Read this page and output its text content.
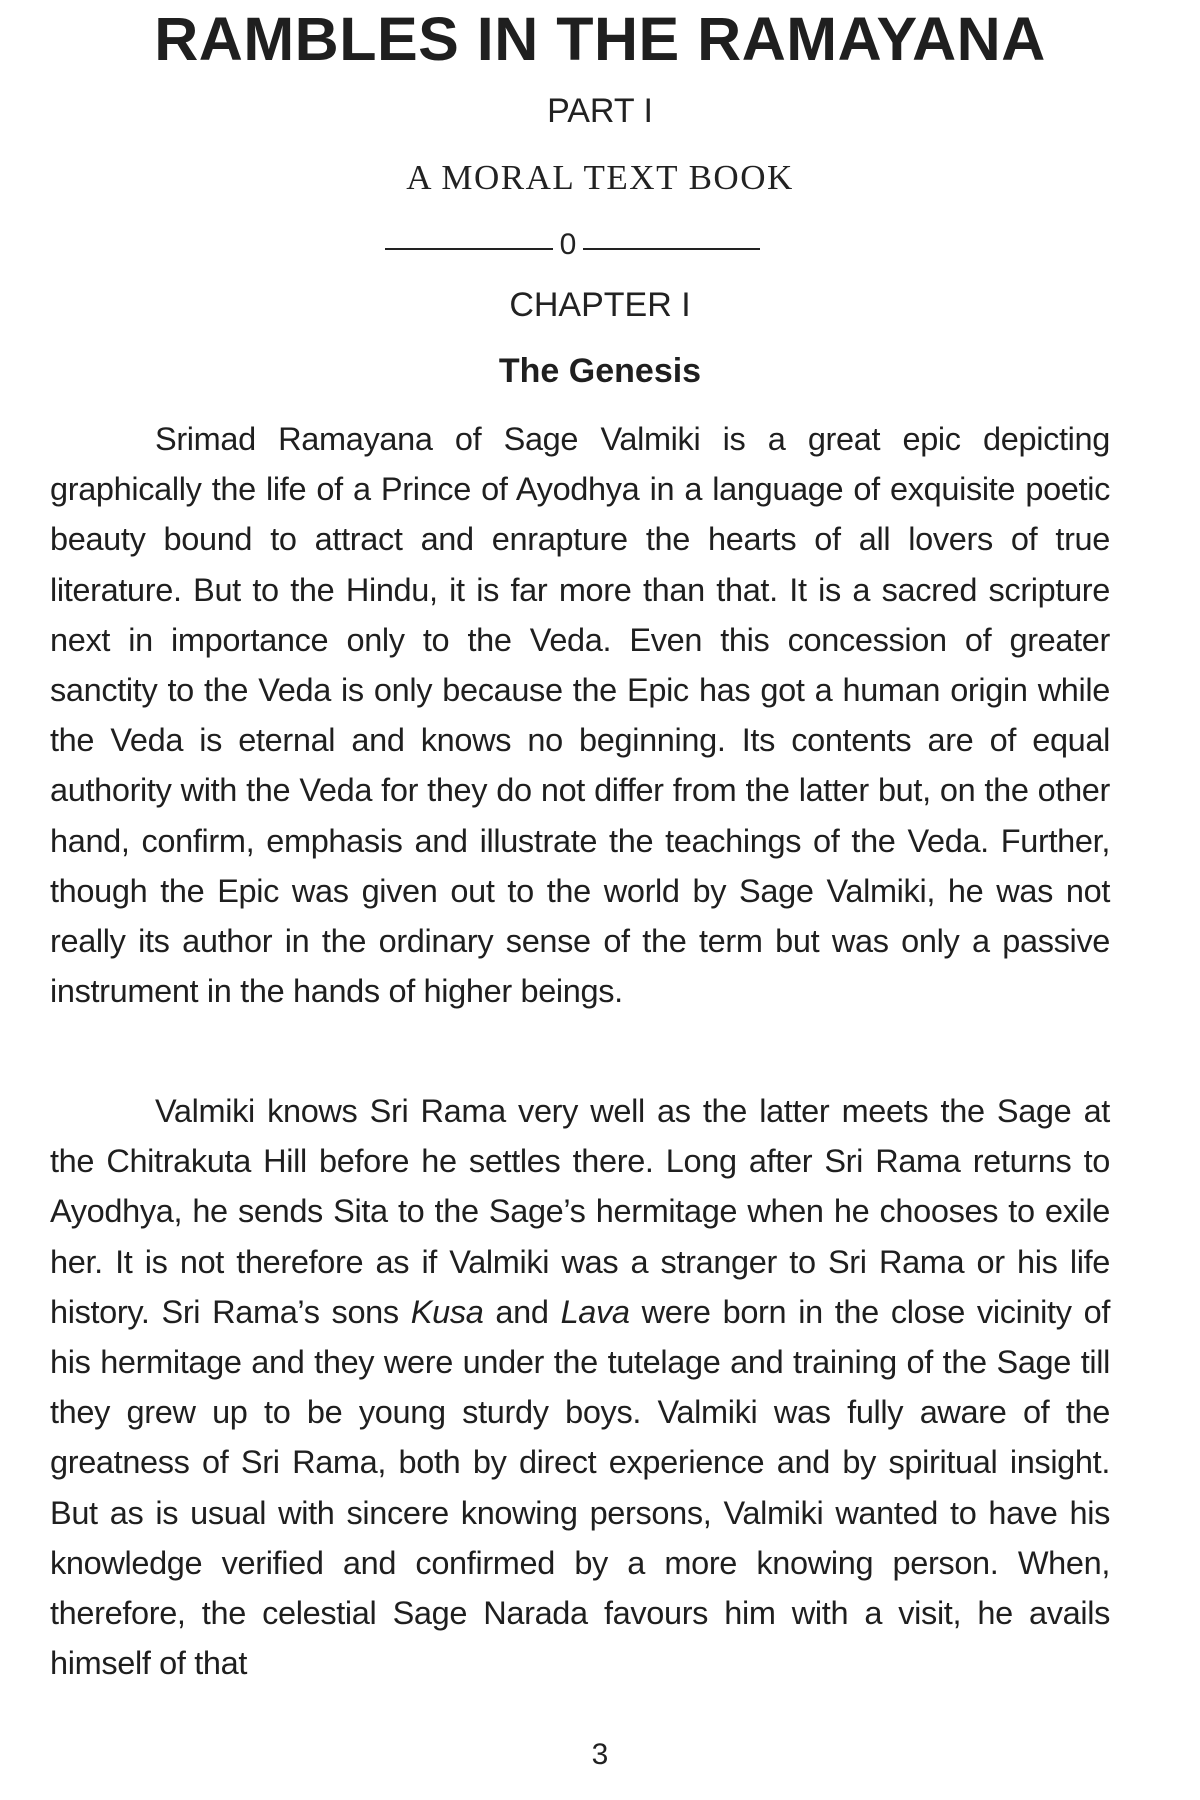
RAMBLES IN THE RAMAYANA
PART I
A MORAL TEXT BOOK
0
CHAPTER I
The Genesis

Srimad Ramayana of Sage Valmiki is a great epic depicting graphically the life of a Prince of Ayodhya in a language of exquisite poetic beauty bound to attract and enrapture the hearts of all lovers of true literature. But to the Hindu, it is far more than that. It is a sacred scripture next in importance only to the Veda. Even this concession of greater sanctity to the Veda is only because the Epic has got a human origin while the Veda is eternal and knows no beginning. Its contents are of equal authority with the Veda for they do not differ from the latter but, on the other hand, confirm, emphasis and illustrate the teachings of the Veda. Further, though the Epic was given out to the world by Sage Valmiki, he was not really its author in the ordinary sense of the term but was only a passive instrument in the hands of higher beings.

Valmiki knows Sri Rama very well as the latter meets the Sage at the Chitrakuta Hill before he settles there. Long after Sri Rama returns to Ayodhya, he sends Sita to the Sage’s hermitage when he chooses to exile her. It is not therefore as if Valmiki was a stranger to Sri Rama or his life history. Sri Rama’s sons Kusa and Lava were born in the close vicinity of his hermitage and they were under the tutelage and training of the Sage till they grew up to be young sturdy boys. Valmiki was fully aware of the greatness of Sri Rama, both by direct experience and by spiritual insight. But as is usual with sincere knowing persons, Valmiki wanted to have his knowledge verified and confirmed by a more knowing person. When, therefore, the celestial Sage Narada favours him with a visit, he avails himself of that

3
